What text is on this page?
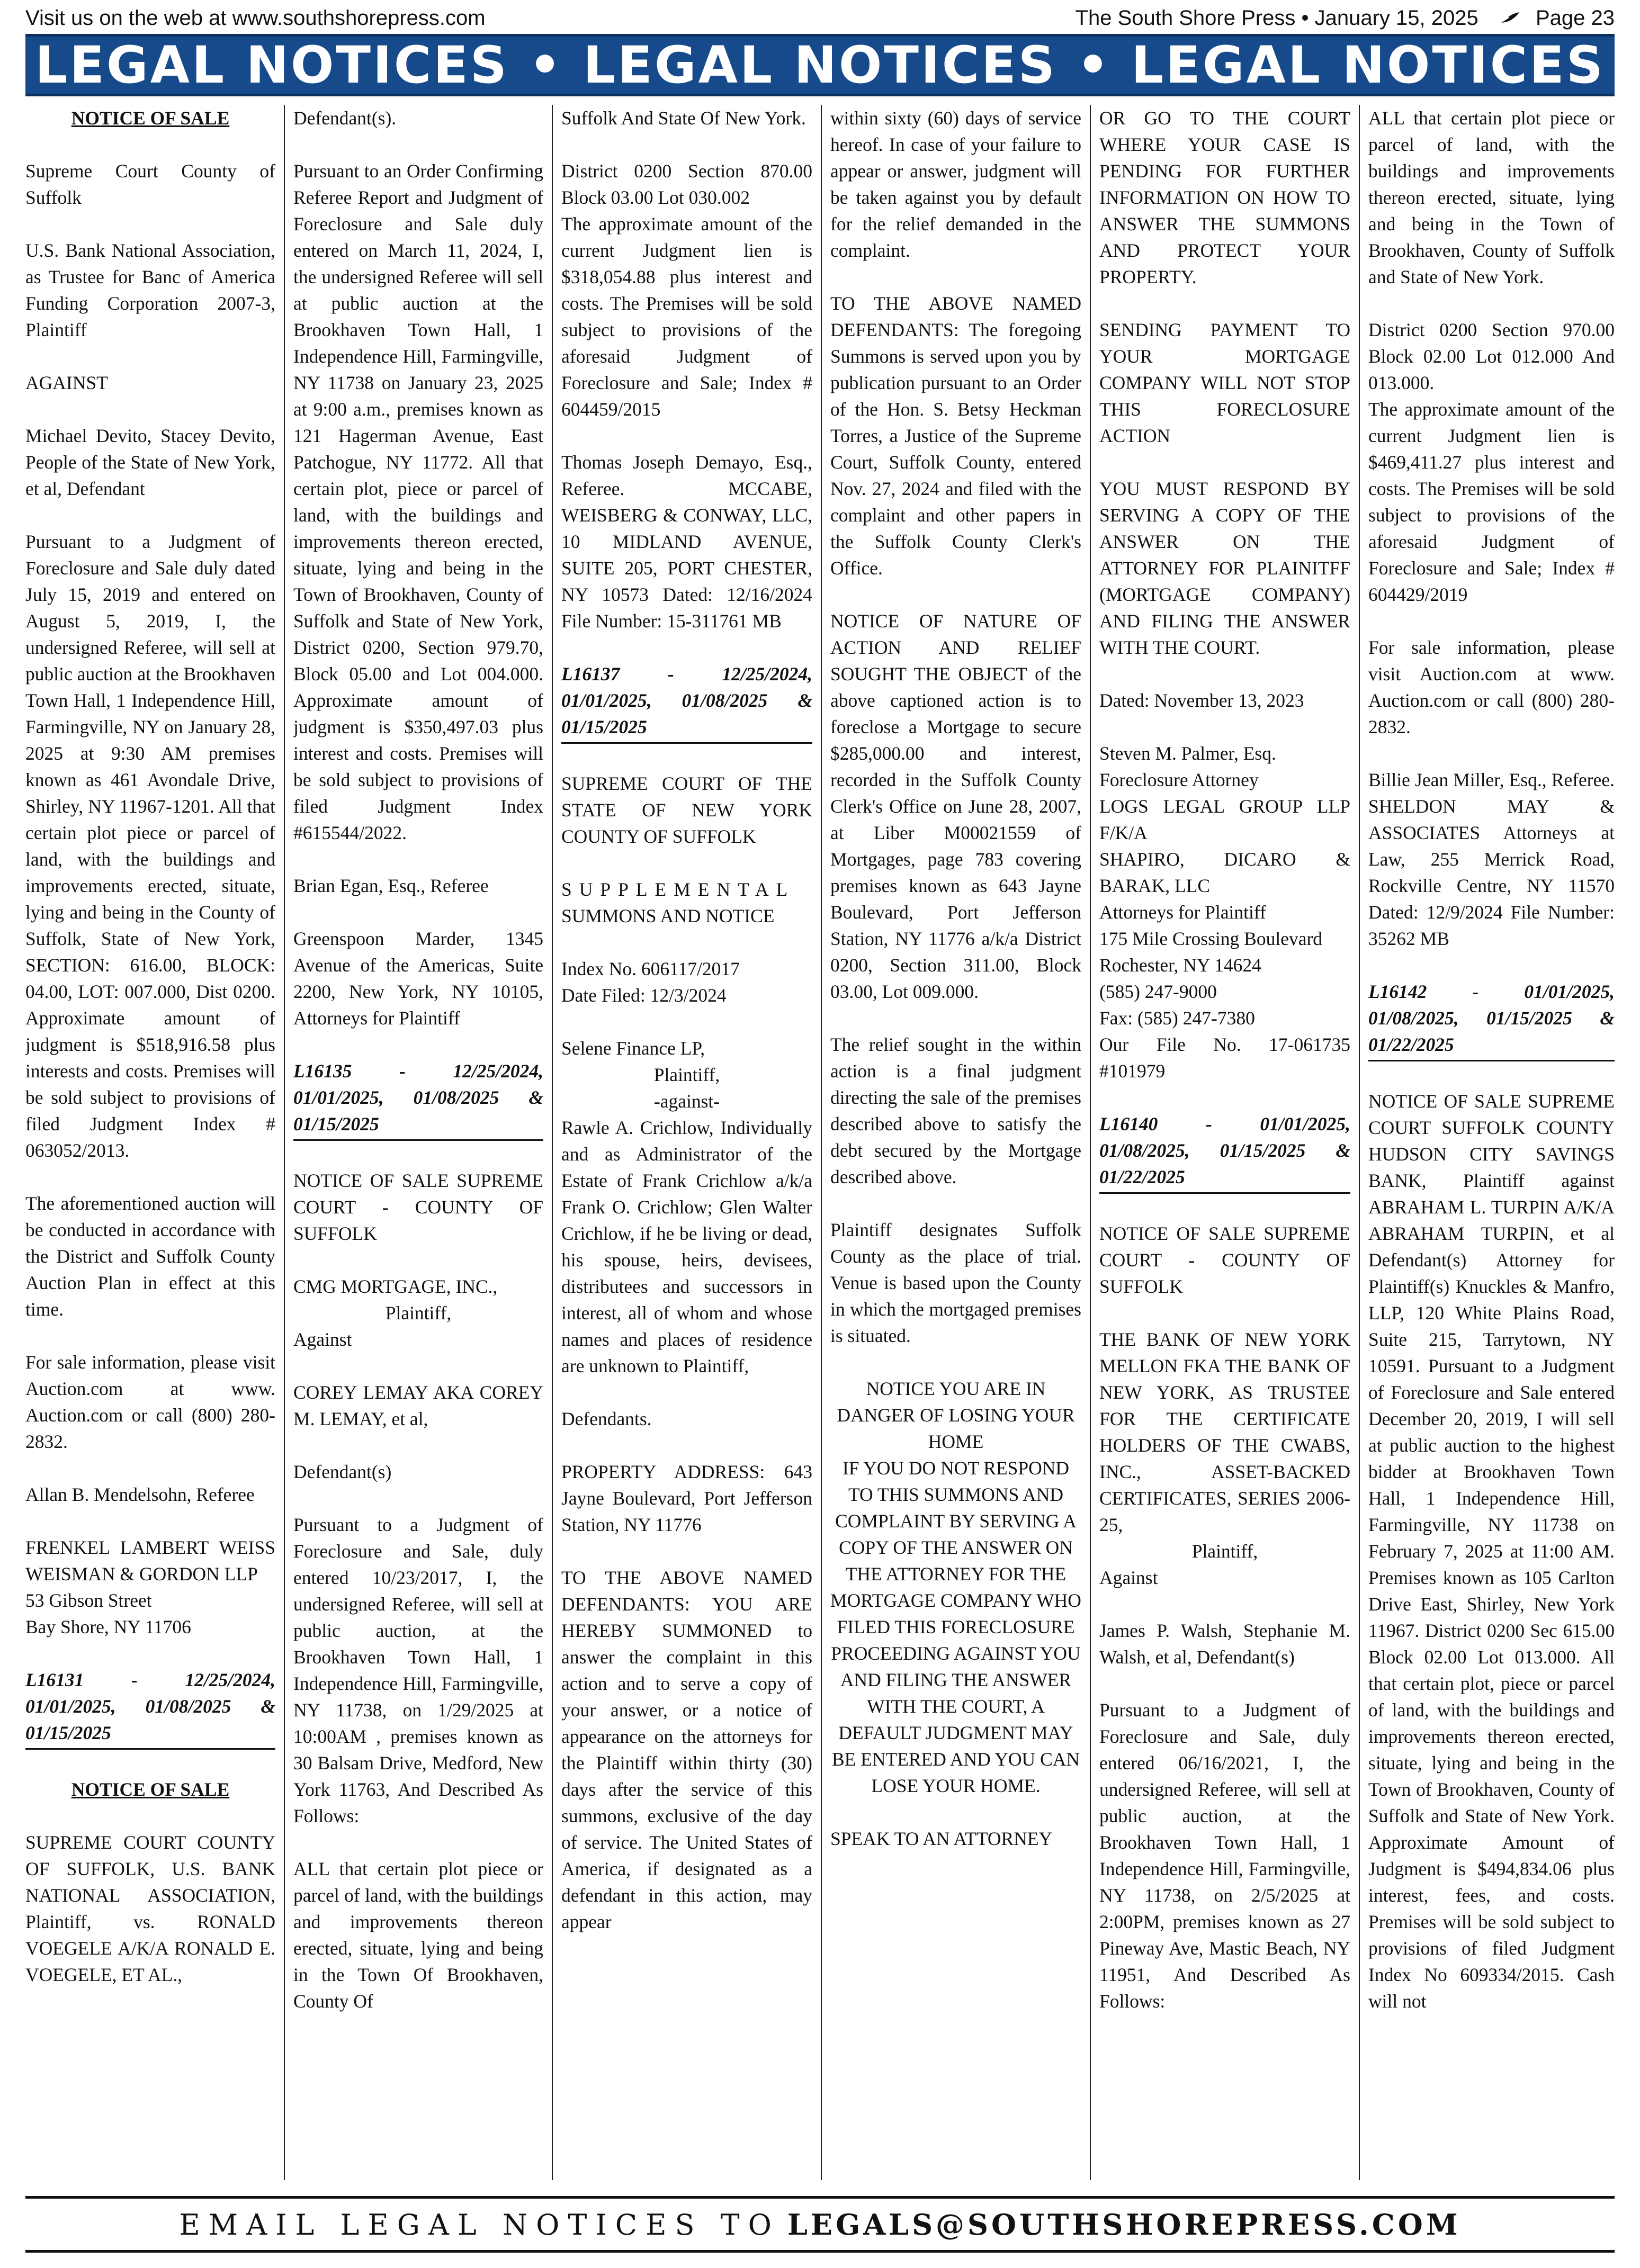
Visit us on the web at www.southshorepress.com	The South Shore Press • January 15, 2025	Page 23
LEGAL NOTICES • LEGAL NOTICES • LEGAL NOTICES

NOTICE OF SALE

Supreme Court County of Suffolk

U.S. Bank National Association, as Trustee for Banc of America Funding Corporation 2007-3, Plaintiff

AGAINST

Michael Devito, Stacey Devito, People of the State of New York, et al, Defendant

Pursuant to a Judgment of Foreclosure and Sale duly dated July 15, 2019 and entered on August 5, 2019, I, the undersigned Referee, will sell at public auction at the Brookhaven Town Hall, 1 Independence Hill, Farmingville, NY on January 28, 2025 at 9:30 AM premises known as 461 Avondale Drive, Shirley, NY 11967-1201. All that certain plot piece or parcel of land, with the buildings and improvements erected, situate, lying and being in the County of Suffolk, State of New York, SECTION: 616.00, BLOCK: 04.00, LOT: 007.000, Dist 0200. Approximate amount of judgment is $518,916.58 plus interests and costs. Premises will be sold subject to provisions of filed Judgment Index # 063052/2013.

The aforementioned auction will be conducted in accordance with the District and Suffolk County Auction Plan in effect at this time.

For sale information, please visit Auction.com at www. Auction.com or call (800) 280-2832.

Allan B. Mendelsohn, Referee

FRENKEL LAMBERT WEISS WEISMAN & GORDON LLP

53 Gibson Street

Bay Shore, NY 11706

L16131 - 12/25/2024, 01/01/2025, 01/08/2025 & 01/15/2025

NOTICE OF SALE

SUPREME COURT COUNTY OF SUFFOLK, U.S. BANK NATIONAL ASSOCIATION, Plaintiff, vs. RONALD VOEGELE A/K/A RONALD E. VOEGELE, ET AL.,

Defendant(s).

Pursuant to an Order Confirming Referee Report and Judgment of Foreclosure and Sale duly entered on March 11, 2024, I, the undersigned Referee will sell at public auction at the Brookhaven Town Hall, 1 Independence Hill, Farmingville, NY 11738 on January 23, 2025 at 9:00 a.m., premises known as 121 Hagerman Avenue, East Patchogue, NY 11772. All that certain plot, piece or parcel of land, with the buildings and improvements thereon erected, situate, lying and being in the Town of Brookhaven, County of Suffolk and State of New York, District 0200, Section 979.70, Block 05.00 and Lot 004.000. Approximate amount of judgment is $350,497.03 plus interest and costs. Premises will be sold subject to provisions of filed Judgment Index #615544/2022.

Brian Egan, Esq., Referee

Greenspoon Marder, 1345 Avenue of the Americas, Suite 2200, New York, NY 10105, Attorneys for Plaintiff

L16135 - 12/25/2024, 01/01/2025, 01/08/2025 & 01/15/2025

NOTICE OF SALE SUPREME COURT - COUNTY OF SUFFOLK

CMG MORTGAGE, INC.,

Plaintiff,

Against

COREY LEMAY AKA COREY M. LEMAY, et al,

Defendant(s)

Pursuant to a Judgment of Foreclosure and Sale, duly entered 10/23/2017, I, the undersigned Referee, will sell at public auction, at the Brookhaven Town Hall, 1 Independence Hill, Farmingville, NY 11738, on 1/29/2025 at 10:00AM , premises known as 30 Balsam Drive, Medford, New York 11763, And Described As Follows:

ALL that certain plot piece or parcel of land, with the buildings and improvements thereon erected, situate, lying and being in the Town Of Brookhaven, County Of

Suffolk And State Of New York.

District 0200 Section 870.00 Block 03.00 Lot 030.002

The approximate amount of the current Judgment lien is $318,054.88 plus interest and costs. The Premises will be sold subject to provisions of the aforesaid Judgment of Foreclosure and Sale; Index # 604459/2015

Thomas Joseph Demayo, Esq., Referee. MCCABE, WEISBERG & CONWAY, LLC, 10 MIDLAND AVENUE, SUITE 205, PORT CHESTER, NY 10573 Dated: 12/16/2024 File Number: 15-311761 MB

L16137 - 12/25/2024, 01/01/2025, 01/08/2025 & 01/15/2025

SUPREME COURT OF THE STATE OF NEW YORK COUNTY OF SUFFOLK

SUPPLEMENTAL

SUMMONS AND NOTICE

Index No. 606117/2017

Date Filed: 12/3/2024

Selene Finance LP,

Plaintiff,

-against-

Rawle A. Crichlow, Individually and as Administrator of the Estate of Frank Crichlow a/k/a Frank O. Crichlow; Glen Walter Crichlow, if he be living or dead, his spouse, heirs, devisees, distributees and successors in interest, all of whom and whose names and places of residence are unknown to Plaintiff,

Defendants.

PROPERTY ADDRESS: 643 Jayne Boulevard, Port Jefferson Station, NY 11776

TO THE ABOVE NAMED DEFENDANTS: YOU ARE HEREBY SUMMONED to answer the complaint in this action and to serve a copy of your answer, or a notice of appearance on the attorneys for the Plaintiff within thirty (30) days after the service of this summons, exclusive of the day of service. The United States of America, if designated as a defendant in this action, may appear

within sixty (60) days of service hereof. In case of your failure to appear or answer, judgment will be taken against you by default for the relief demanded in the complaint.

TO THE ABOVE NAMED DEFENDANTS: The foregoing Summons is served upon you by publication pursuant to an Order of the Hon. S. Betsy Heckman Torres, a Justice of the Supreme Court, Suffolk County, entered Nov. 27, 2024 and filed with the complaint and other papers in the Suffolk County Clerk's Office.

NOTICE OF NATURE OF ACTION AND RELIEF SOUGHT THE OBJECT of the above captioned action is to foreclose a Mortgage to secure $285,000.00 and interest, recorded in the Suffolk County Clerk's Office on June 28, 2007, at Liber M00021559 of Mortgages, page 783 covering premises known as 643 Jayne Boulevard, Port Jefferson Station, NY 11776 a/k/a District 0200, Section 311.00, Block 03.00, Lot 009.000.

The relief sought in the within action is a final judgment directing the sale of the premises described above to satisfy the debt secured by the Mortgage described above.

Plaintiff designates Suffolk County as the place of trial. Venue is based upon the County in which the mortgaged premises is situated.

NOTICE YOU ARE IN DANGER OF LOSING YOUR HOME

IF YOU DO NOT RESPOND TO THIS SUMMONS AND COMPLAINT BY SERVING A COPY OF THE ANSWER ON THE ATTORNEY FOR THE MORTGAGE COMPANY WHO FILED THIS FORECLOSURE PROCEEDING AGAINST YOU AND FILING THE ANSWER WITH THE COURT, A DEFAULT JUDGMENT MAY BE ENTERED AND YOU CAN LOSE YOUR HOME.

SPEAK TO AN ATTORNEY

OR GO TO THE COURT WHERE YOUR CASE IS PENDING FOR FURTHER INFORMATION ON HOW TO ANSWER THE SUMMONS AND PROTECT YOUR PROPERTY.

SENDING PAYMENT TO YOUR MORTGAGE COMPANY WILL NOT STOP THIS FORECLOSURE ACTION

YOU MUST RESPOND BY SERVING A COPY OF THE ANSWER ON THE ATTORNEY FOR PLAINITFF (MORTGAGE COMPANY) AND FILING THE ANSWER WITH THE COURT.

Dated: November 13, 2023

Steven M. Palmer, Esq.

Foreclosure Attorney

LOGS LEGAL GROUP LLP F/K/A

SHAPIRO, DICARO & BARAK, LLC

Attorneys for Plaintiff

175 Mile Crossing Boulevard

Rochester, NY 14624

(585) 247-9000

Fax: (585) 247-7380

Our File No. 17-061735 #101979

L16140 - 01/01/2025, 01/08/2025, 01/15/2025 & 01/22/2025

NOTICE OF SALE SUPREME COURT - COUNTY OF SUFFOLK

THE BANK OF NEW YORK MELLON FKA THE BANK OF NEW YORK, AS TRUSTEE FOR THE CERTIFICATE HOLDERS OF THE CWABS, INC., ASSET-BACKED CERTIFICATES, SERIES 2006-25,

Plaintiff,

Against

James P. Walsh, Stephanie M. Walsh, et al, Defendant(s)

Pursuant to a Judgment of Foreclosure and Sale, duly entered 06/16/2021, I, the undersigned Referee, will sell at public auction, at the Brookhaven Town Hall, 1 Independence Hill, Farmingville, NY 11738, on 2/5/2025 at 2:00PM, premises known as 27 Pineway Ave, Mastic Beach, NY 11951, And Described As Follows:

ALL that certain plot piece or parcel of land, with the buildings and improvements thereon erected, situate, lying and being in the Town of Brookhaven, County of Suffolk and State of New York.

District 0200 Section 970.00 Block 02.00 Lot 012.000 And 013.000.

The approximate amount of the current Judgment lien is $469,411.27 plus interest and costs. The Premises will be sold subject to provisions of the aforesaid Judgment of Foreclosure and Sale; Index # 604429/2019

For sale information, please visit Auction.com at www. Auction.com or call (800) 280-2832.

Billie Jean Miller, Esq., Referee. SHELDON MAY & ASSOCIATES Attorneys at Law, 255 Merrick Road, Rockville Centre, NY 11570 Dated: 12/9/2024 File Number: 35262 MB

L16142 - 01/01/2025, 01/08/2025, 01/15/2025 & 01/22/2025

NOTICE OF SALE SUPREME COURT SUFFOLK COUNTY HUDSON CITY SAVINGS BANK, Plaintiff against ABRAHAM L. TURPIN A/K/A ABRAHAM TURPIN, et al Defendant(s) Attorney for Plaintiff(s) Knuckles & Manfro, LLP, 120 White Plains Road, Suite 215, Tarrytown, NY 10591. Pursuant to a Judgment of Foreclosure and Sale entered December 20, 2019, I will sell at public auction to the highest bidder at Brookhaven Town Hall, 1 Independence Hill, Farmingville, NY 11738 on February 7, 2025 at 11:00 AM. Premises known as 105 Carlton Drive East, Shirley, New York 11967. District 0200 Sec 615.00 Block 02.00 Lot 013.000. All that certain plot, piece or parcel of land, with the buildings and improvements thereon erected, situate, lying and being in the Town of Brookhaven, County of Suffolk and State of New York. Approximate Amount of Judgment is $494,834.06 plus interest, fees, and costs. Premises will be sold subject to provisions of filed Judgment Index No 609334/2015. Cash will not

EMAIL LEGAL NOTICES TO LEGALS@SOUTHSHOREPRESS.COM
